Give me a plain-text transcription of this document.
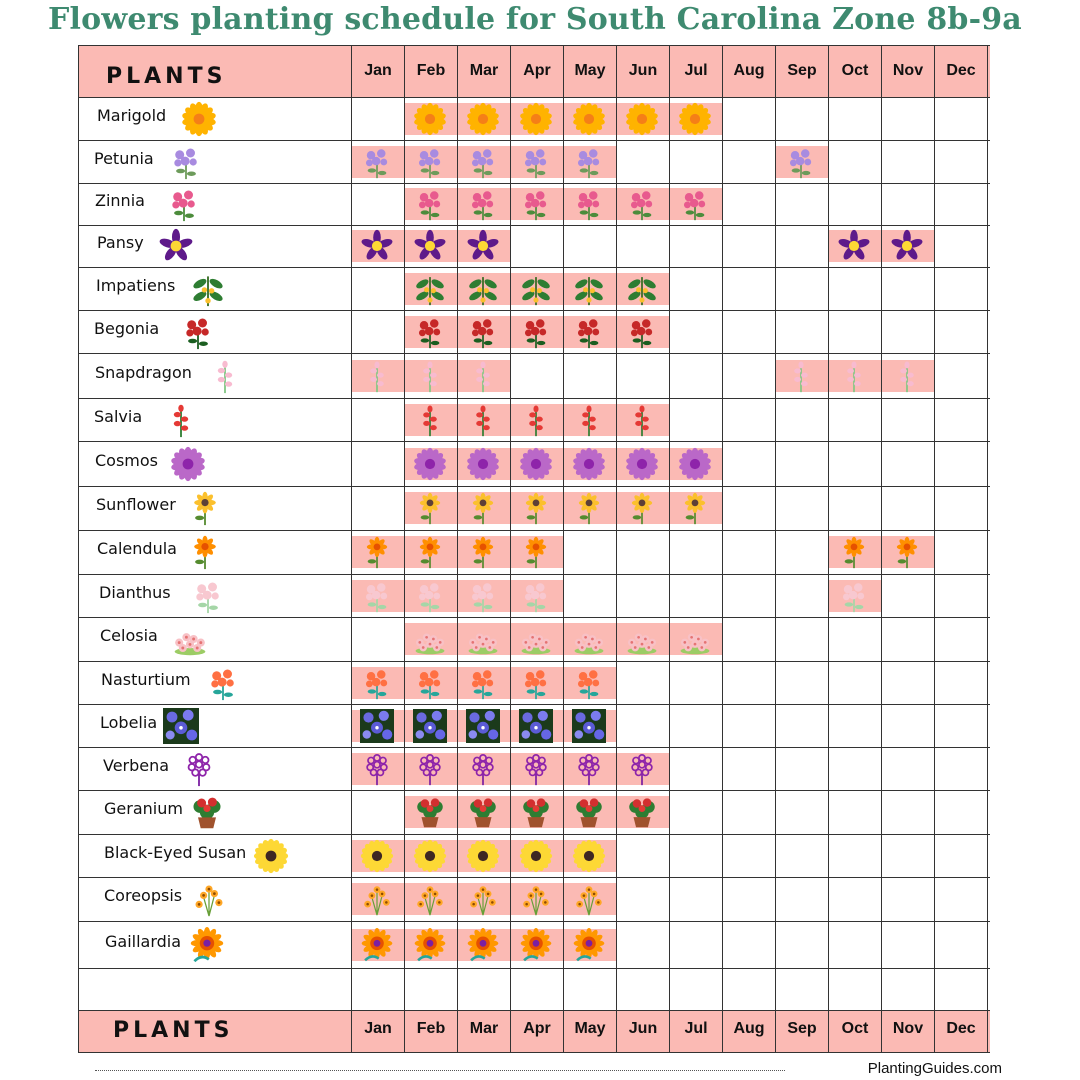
Flowers planting schedule for South Carolina Zone 8b-9a
PLANTS
PLANTS
Jan
Jan
Feb
Feb
Mar
Mar
Apr
Apr
May
May
Jun
Jun
Jul
Jul
Aug
Aug
Sep
Sep
Oct
Oct
Nov
Nov
Dec
Dec
Marigold
Petunia
Zinnia
Pansy
Impatiens
Begonia
Snapdragon
Salvia
Cosmos
Sunflower
Calendula
Dianthus
Celosia
Nasturtium
Lobelia
Verbena
Geranium
Black-Eyed Susan
Coreopsis
Gaillardia
PlantingGuides.com
